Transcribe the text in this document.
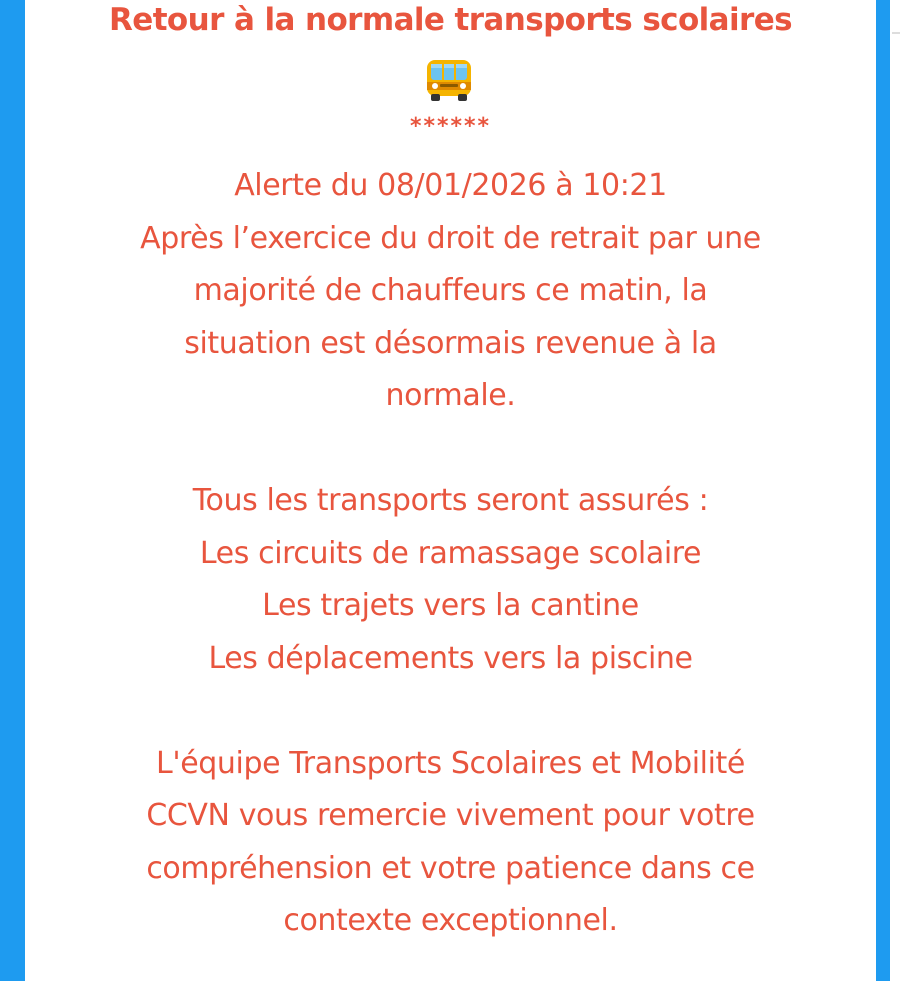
Retour à la normale transports scolaires
******
Alerte du 08/01/2026 à 10:21
Après l’exercice du droit de retrait par une
majorité de chauffeurs ce matin, la
situation est désormais revenue à la
normale.
Tous les transports seront assurés :
Les circuits de ramassage scolaire
Les trajets vers la cantine
Les déplacements vers la piscine
L'équipe Transports Scolaires et Mobilité
CCVN vous remercie vivement pour votre
compréhension et votre patience dans ce
contexte exceptionnel.
